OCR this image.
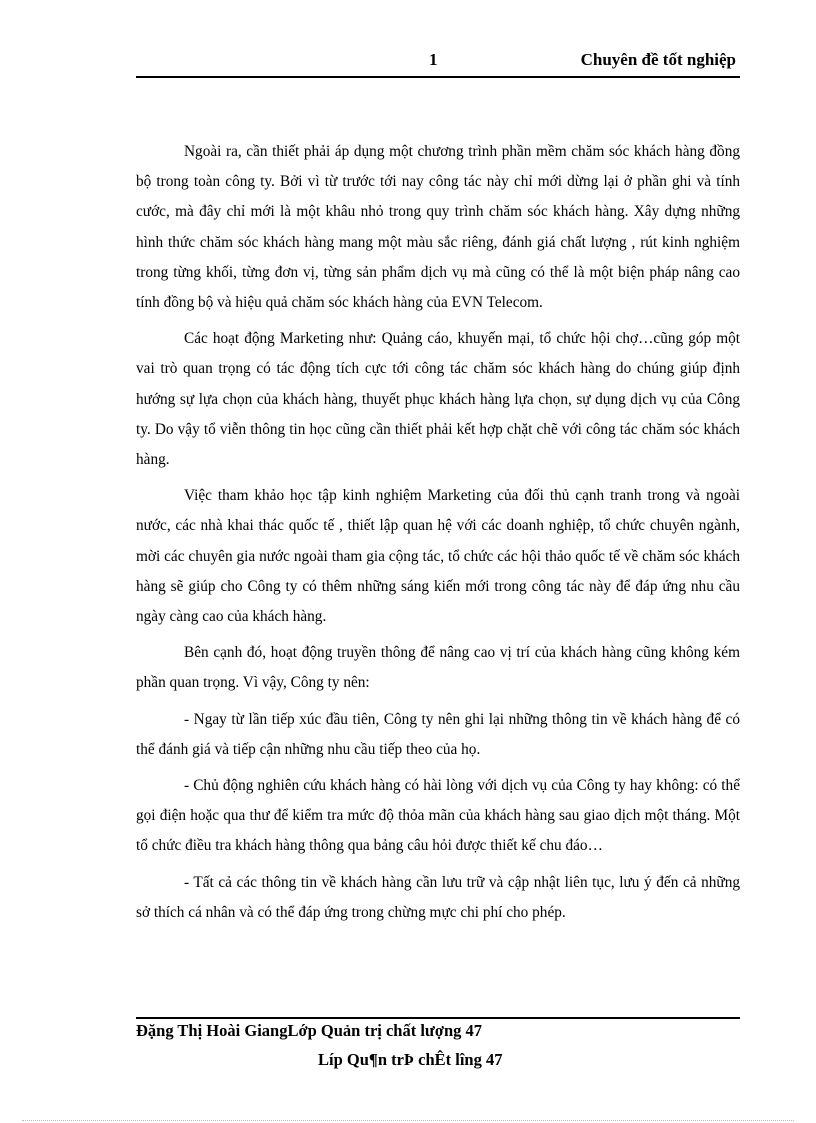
1	Chuyên đề tốt nghiệp

Ngoài ra, cần thiết phải áp dụng một chương trình phần mềm chăm sóc khách hàng đồng bộ trong toàn công ty. Bởi vì từ trước tới nay công tác này chỉ mới dừng lại ở phần ghi và tính cước, mà đây chỉ mới là một khâu nhỏ trong quy trình chăm sóc khách hàng. Xây dựng những hình thức chăm sóc khách hàng mang một màu sắc riêng, đánh giá chất lượng , rút kinh nghiệm trong từng khối, từng đơn vị, từng sản phẩm dịch vụ mà cũng có thể là một biện pháp nâng cao tính đồng bộ và hiệu quả chăm sóc khách hàng của EVN Telecom.

Các hoạt động Marketing như: Quảng cáo, khuyến mại, tổ chức hội chợ…cũng góp một vai trò quan trọng có tác động tích cực tới công tác chăm sóc khách hàng do chúng giúp định hướng sự lựa chọn của khách hàng, thuyết phục khách hàng lựa chọn, sự dụng dịch vụ của Công ty. Do vậy tổ viễn thông tin học cũng cần thiết phải kết hợp chặt chẽ với công tác chăm sóc khách hàng.

Việc tham khảo học tập kinh nghiệm Marketing của đối thủ cạnh tranh trong và ngoài nước, các nhà khai thác quốc tế , thiết lập quan hệ với các doanh nghiệp, tổ chức chuyên ngành, mời các chuyên gia nước ngoài tham gia cộng tác, tổ chức các hội thảo quốc tế về chăm sóc khách hàng sẽ giúp cho Công ty có thêm những sáng kiến mới trong công tác này để đáp ứng nhu cầu ngày càng cao của khách hàng.

Bên cạnh đó, hoạt động truyền thông để nâng cao vị trí của khách hàng cũng không kém phần quan trọng. Vì vậy, Công ty nên:

- Ngay từ lần tiếp xúc đầu tiên, Công ty nên ghi lại những thông tin về khách hàng để có thể đánh giá và tiếp cận những nhu cầu tiếp theo của họ.

- Chủ động nghiên cứu khách hàng có hài lòng với dịch vụ của Công ty hay không: có thể gọi điện hoặc qua thư để kiểm tra mức độ thỏa mãn của khách hàng sau giao dịch một tháng. Một tổ chức điều tra khách hàng thông qua bảng câu hỏi được thiết kế chu đáo…

- Tất cả các thông tin về khách hàng cần lưu trữ và cập nhật liên tục, lưu ý đến cả những sở thích cá nhân và có thể đáp ứng trong chừng mực chi phí cho phép.

Đặng Thị Hoài GiangLớp Quản trị chất lượng 47
Líp Qu¶n trÞ chÊt lîng 47
